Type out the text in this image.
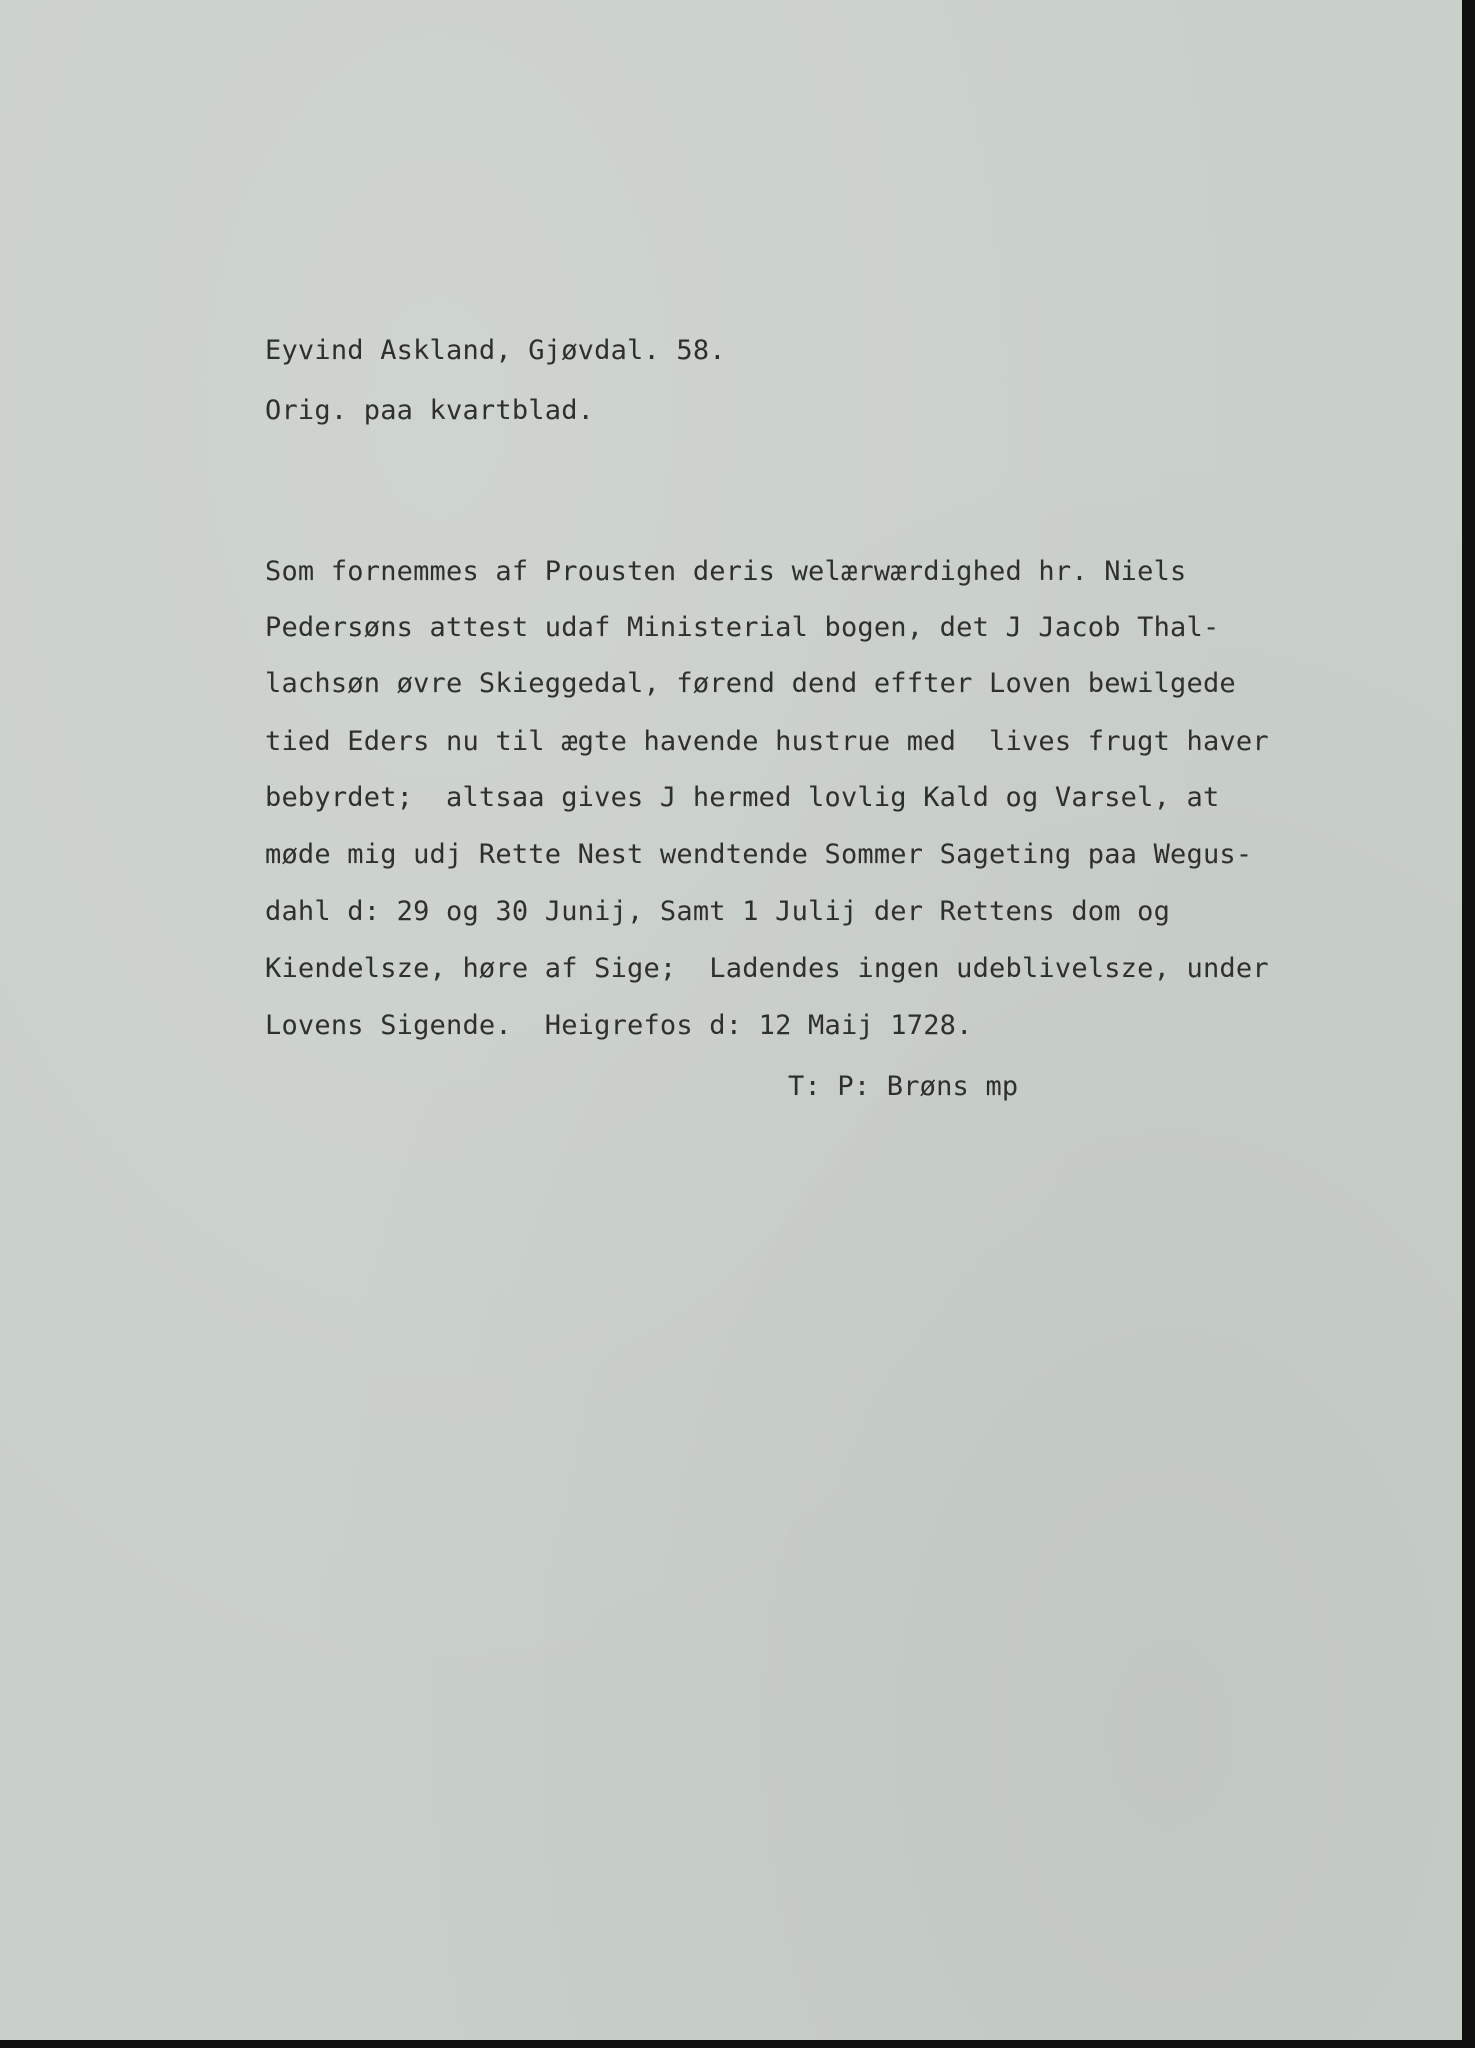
Eyvind Askland, Gjøvdal. 58.

Orig. paa kvartblad.

Som fornemmes af Prousten deris welærwærdighed hr. Niels

Pedersøns attest udaf Ministerial bogen, det J Jacob Thal-

lachsøn øvre Skieggedal, førend dend effter Loven bewilgede

tied Eders nu til ægte havende hustrue med  lives frugt haver

bebyrdet;  altsaa gives J hermed lovlig Kald og Varsel, at

møde mig udj Rette Nest wendtende Sommer Sageting paa Wegus-

dahl d: 29 og 30 Junij, Samt 1 Julij der Rettens dom og

Kiendelsze, høre af Sige;  Ladendes ingen udeblivelsze, under

Lovens Sigende.  Heigrefos d: 12 Maij 1728.

T: P: Brøns mp
